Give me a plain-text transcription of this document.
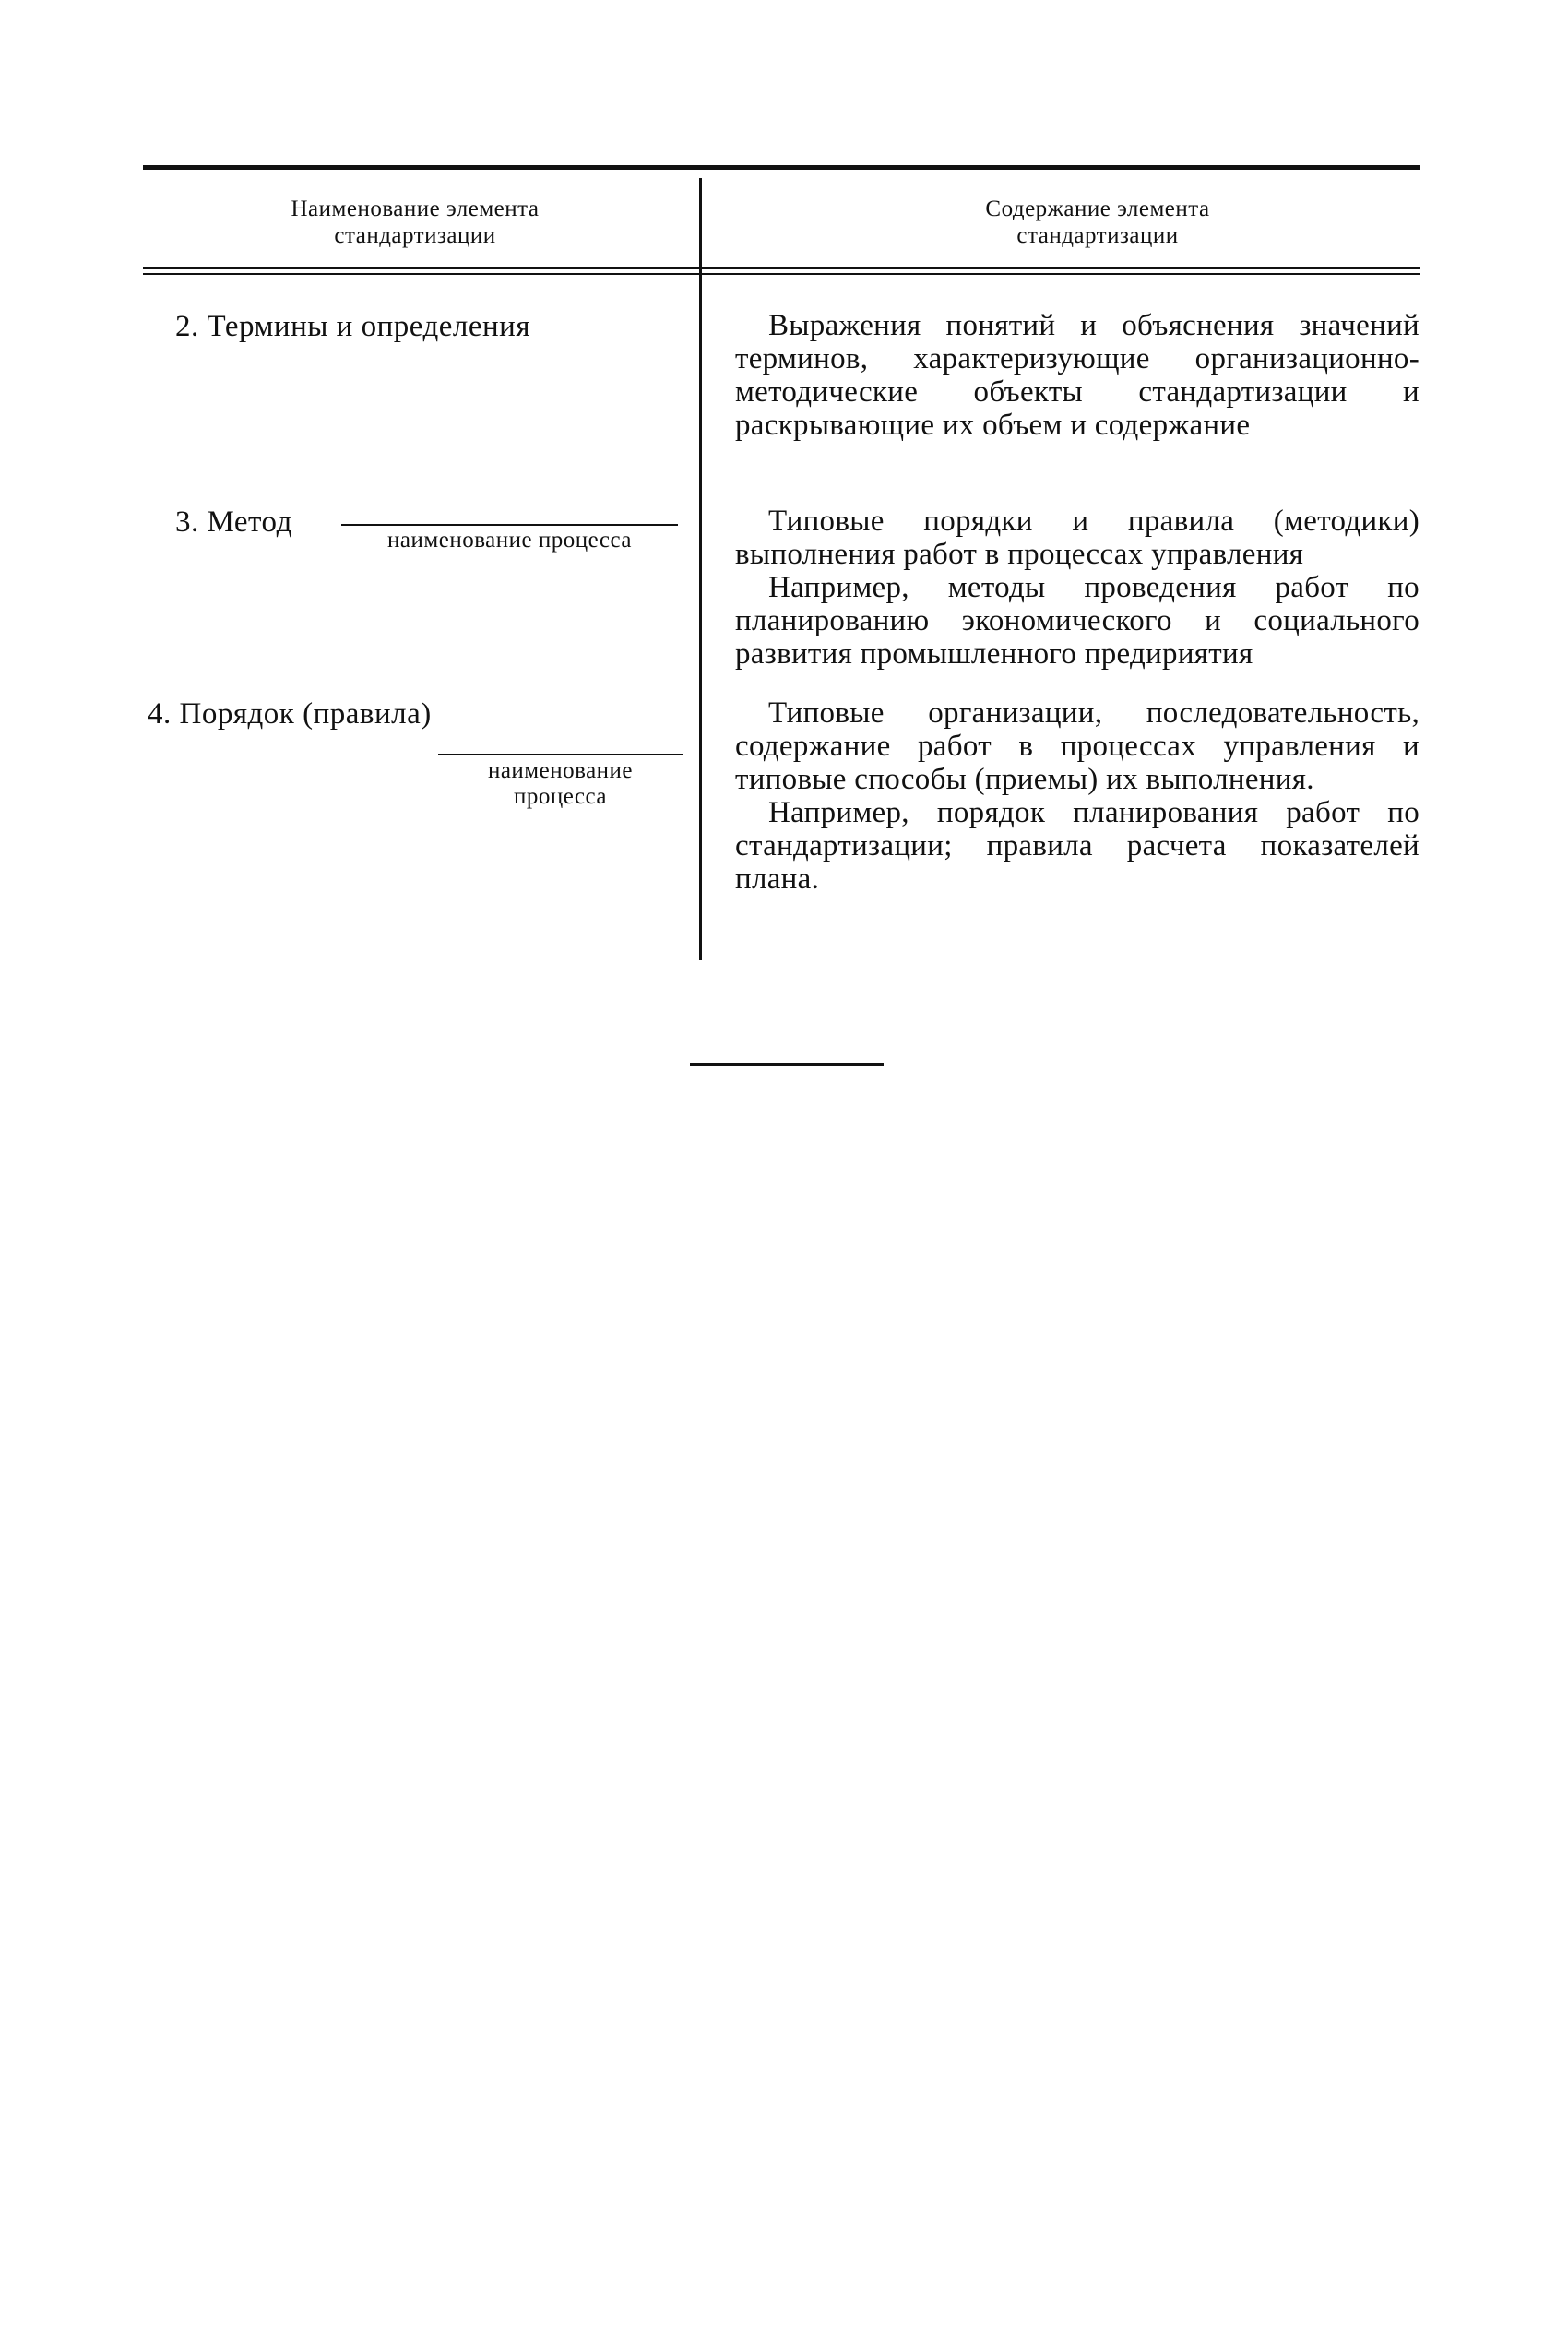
Наименование элемента стандартизации
Содержание элемента стандартизации
2. Термины и определения	Выражения понятий и объяснения значений терминов, характеризующие организационно-методические объекты стандартизации и раскрывающие их объем и содержание

3. Метод
наименование процесса

Типовые порядки и правила (методики) выполнения работ в процессах управления

Например, методы проведения работ по планированию экономического и социального развития промышленного предириятия

4. Порядок (правила)
наименование процесса

Типовые организации, последовательность, содержание работ в процессах управления и типовые способы (приемы) их выполнения.

Например, порядок планирования работ по стандартизации; правила расчета показателей плана.
